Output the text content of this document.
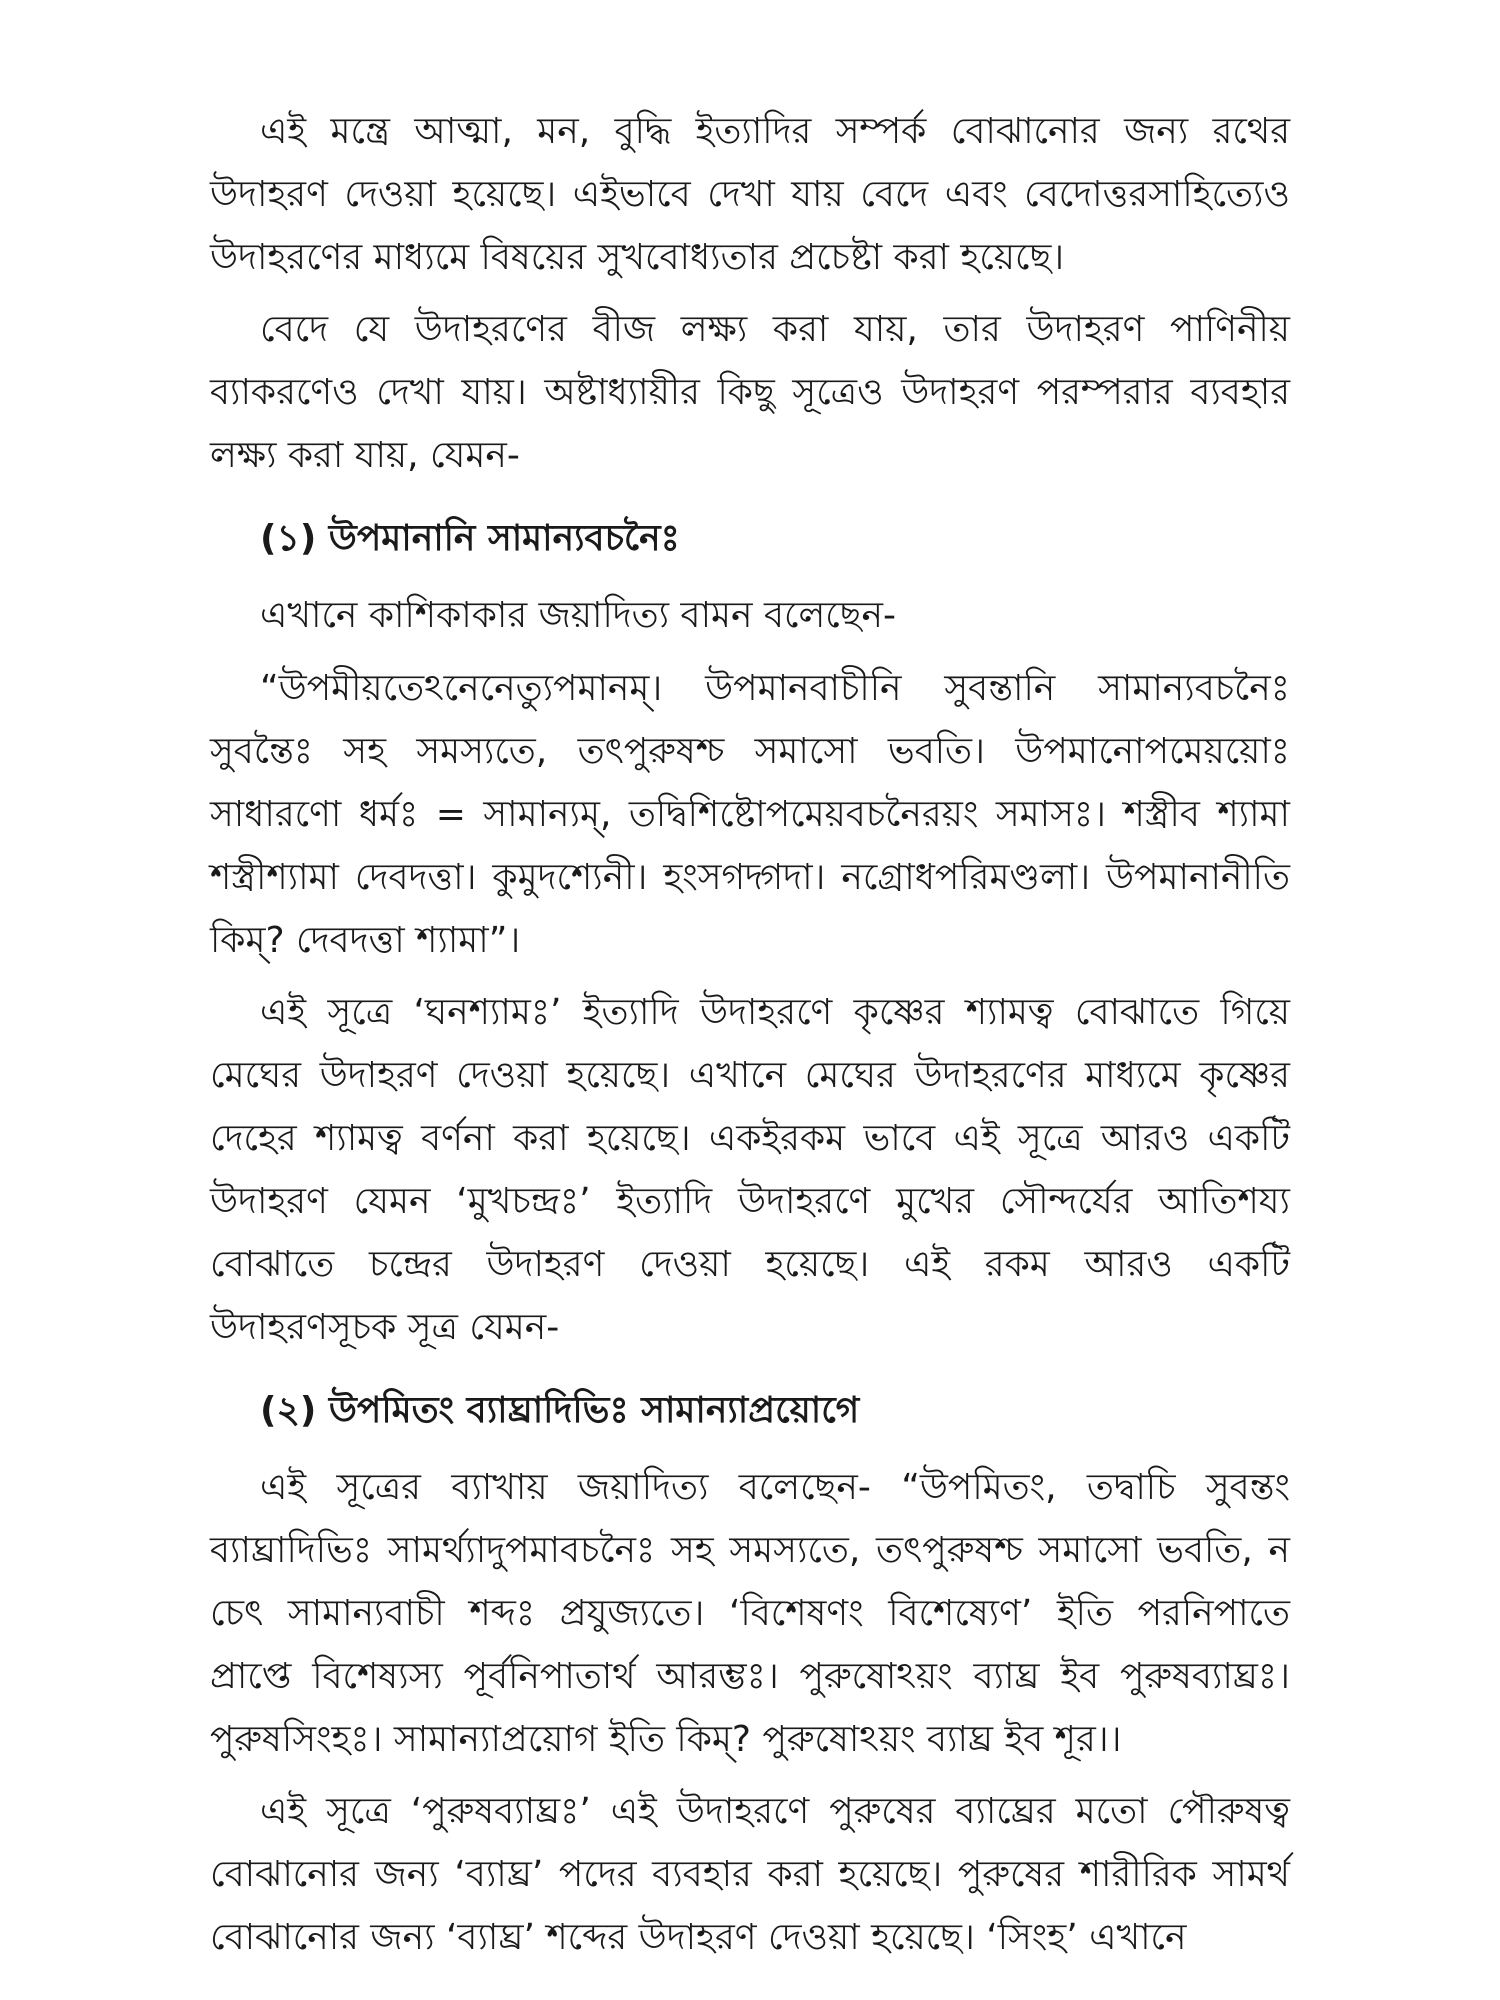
এই মন্ত্রে আত্মা, মন, বুদ্ধি ইত্যাদির সম্পর্ক বোঝানোর জন্য রথের উদাহরণ দেওয়া হয়েছে। এইভাবে দেখা যায় বেদে এবং বেদোত্তরসাহিত্যেও উদাহরণের মাধ্যমে বিষয়ের সুখবোধ্যতার প্রচেষ্টা করা হয়েছে।

বেদে যে উদাহরণের বীজ লক্ষ্য করা যায়, তার উদাহরণ পাণিনীয় ব্যাকরণেও দেখা যায়। অষ্টাধ্যায়ীর কিছু সূত্রেও উদাহরণ পরম্পরার ব্যবহার লক্ষ্য করা যায়, যেমন-

(১) উপমানানি সামান্যবচনৈঃ

এখানে কাশিকাকার জয়াদিত্য বামন বলেছেন-

“উপমীয়তেঽনেনেত্যুপমানম্। উপমানবাচীনি সুবন্তানি সামান্যবচনৈঃ সুবন্তৈঃ সহ সমস্যতে, তৎপুরুষশ্চ সমাসো ভবতি। উপমানোপমেয়য়োঃ সাধারণো ধর্মঃ = সামান্যম্, তদ্বিশিষ্টোপমেয়বচনৈরয়ং সমাসঃ। শস্ত্রীব শ্যামা শস্ত্রীশ্যামা দেবদত্তা। কুমুদশ্যেনী। হংসগদ্গদা। নগ্রোধপরিমণ্ডলা। উপমানানীতি কিম্? দেবদত্তা শ্যামা”।

এই সূত্রে ‘ঘনশ্যামঃ’ ইত্যাদি উদাহরণে কৃষ্ণের শ্যামত্ব বোঝাতে গিয়ে মেঘের উদাহরণ দেওয়া হয়েছে। এখানে মেঘের উদাহরণের মাধ্যমে কৃষ্ণের দেহের শ্যামত্ব বর্ণনা করা হয়েছে। একইরকম ভাবে এই সূত্রে আরও একটি উদাহরণ যেমন ‘মুখচন্দ্রঃ’ ইত্যাদি উদাহরণে মুখের সৌন্দর্যের আতিশয্য বোঝাতে চন্দ্রের উদাহরণ দেওয়া হয়েছে। এই রকম আরও একটি উদাহরণসূচক সূত্র যেমন-

(২) উপমিতং ব্যাঘ্রাদিভিঃ সামান্যাপ্রয়োগে

এই সূত্রের ব্যাখায় জয়াদিত্য বলেছেন- “উপমিতং, তদ্বাচি সুবন্তং ব্যাঘ্রাদিভিঃ সামর্থ্যাদুপমাবচনৈঃ সহ সমস্যতে, তৎপুরুষশ্চ সমাসো ভবতি, ন চেৎ সামান্যবাচী শব্দঃ প্রযুজ্যতে। ‘বিশেষণং বিশেষ্যেণ’ ইতি পরনিপাতে প্রাপ্তে বিশেষ্যস্য পূর্বনিপাতার্থ আরম্ভঃ। পুরুষোঽয়ং ব্যাঘ্র ইব পুরুষব্যাঘ্রঃ। পুরুষসিংহঃ। সামান্যাপ্রয়োগ ইতি কিম্? পুরুষোঽয়ং ব্যাঘ্র ইব শূর।।

এই সূত্রে ‘পুরুষব্যাঘ্রঃ’ এই উদাহরণে পুরুষের ব্যাঘ্রের মতো পৌরুষত্ব বোঝানোর জন্য ‘ব্যাঘ্র’ পদের ব্যবহার করা হয়েছে। পুরুষের শারীরিক সামর্থ বোঝানোর জন্য ‘ব্যাঘ্র’ শব্দের উদাহরণ দেওয়া হয়েছে। ‘সিংহ’ এখানে
